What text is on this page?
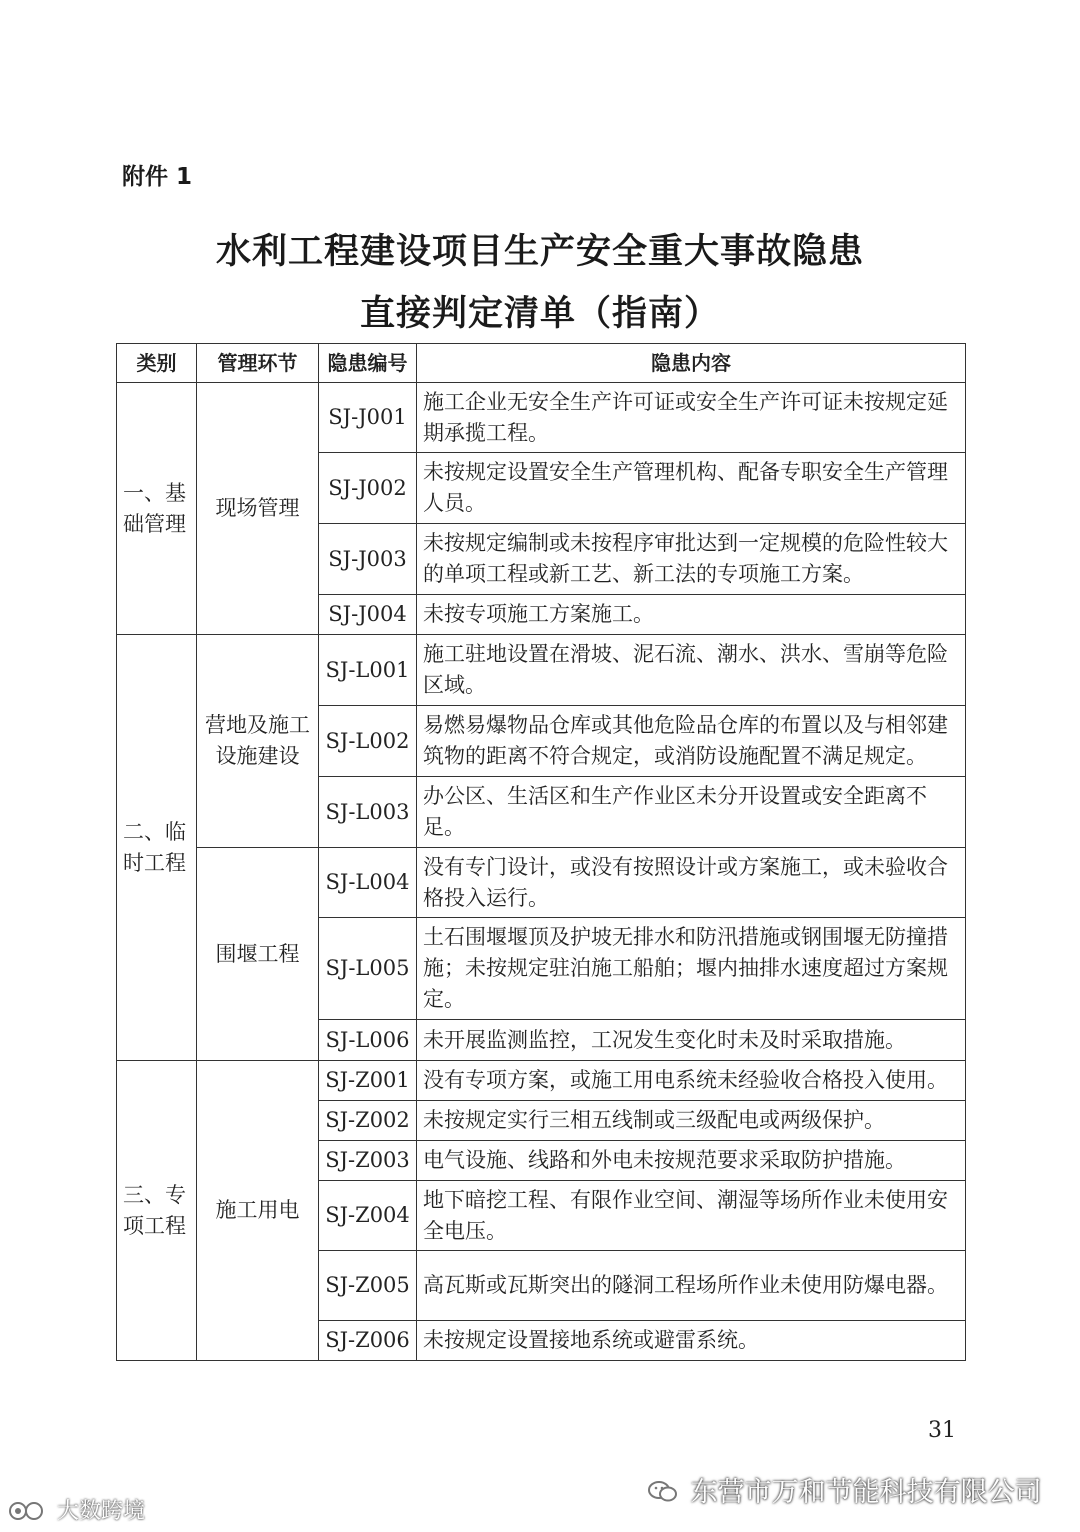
附件 1
水利工程建设项目生产安全重大事故隐患
直接判定清单（指南）
类别	管理环节	隐患编号	隐患内容
一、基础管理	现场管理	SJ-J001	施工企业无安全生产许可证或安全生产许可证未按规定延期承揽工程。
		SJ-J002	未按规定设置安全生产管理机构、配备专职安全生产管理人员。
		SJ-J003	未按规定编制或未按程序审批达到一定规模的危险性较大的单项工程或新工艺、新工法的专项施工方案。
		SJ-J004	未按专项施工方案施工。
二、临时工程	营地及施工设施建设	SJ-L001	施工驻地设置在滑坡、泥石流、潮水、洪水、雪崩等危险区域。
		SJ-L002	易燃易爆物品仓库或其他危险品仓库的布置以及与相邻建筑物的距离不符合规定，或消防设施配置不满足规定。
		SJ-L003	办公区、生活区和生产作业区未分开设置或安全距离不足。
	围堰工程	SJ-L004	没有专门设计，或没有按照设计或方案施工，或未验收合格投入运行。
		SJ-L005	土石围堰堰顶及护坡无排水和防汛措施或钢围堰无防撞措施；未按规定驻泊施工船舶；堰内抽排水速度超过方案规定。
		SJ-L006	未开展监测监控，工况发生变化时未及时采取措施。
三、专项工程	施工用电	SJ-Z001	没有专项方案，或施工用电系统未经验收合格投入使用。
		SJ-Z002	未按规定实行三相五线制或三级配电或两级保护。
		SJ-Z003	电气设施、线路和外电未按规范要求采取防护措施。
		SJ-Z004	地下暗挖工程、有限作业空间、潮湿等场所作业未使用安全电压。
		SJ-Z005	高瓦斯或瓦斯突出的隧洞工程场所作业未使用防爆电器。
		SJ-Z006	未按规定设置接地系统或避雷系统。
31
东营市万和节能科技有限公司
大数跨境
